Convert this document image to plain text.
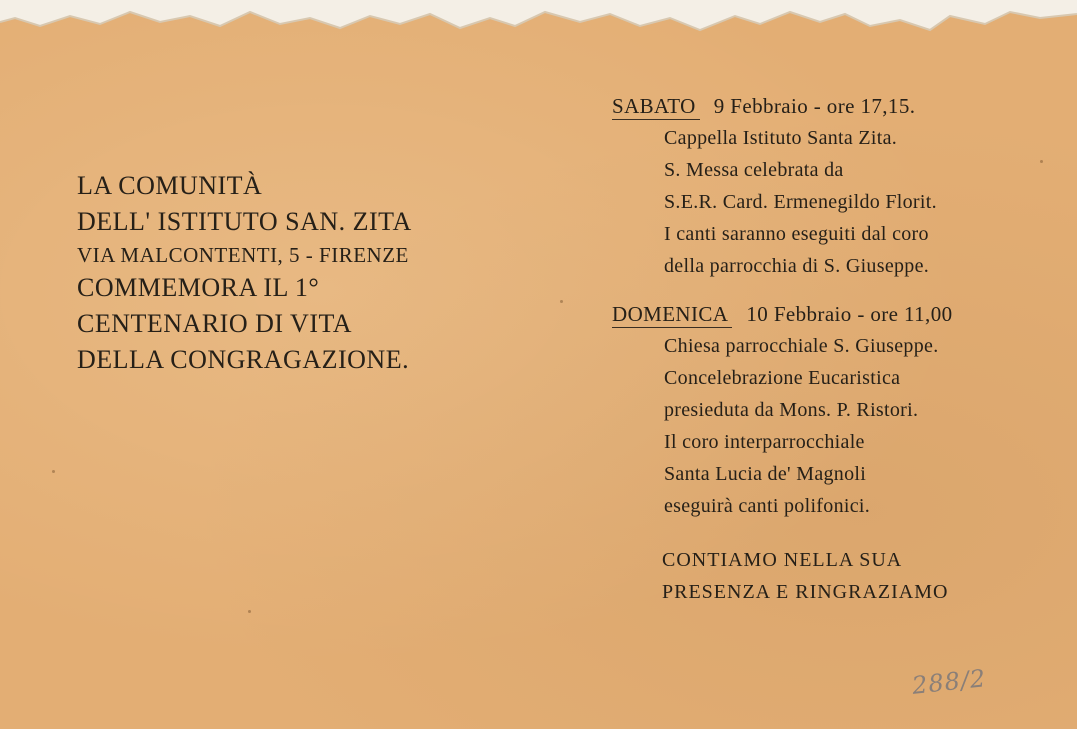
LA COMUNITÀ
DELL' ISTITUTO SAN. ZITA
VIA MALCONTENTI, 5 - FIRENZE
COMMEMORA IL 1°
CENTENARIO DI VITA
DELLA CONGRAGAZIONE.
SABATO 9 Febbraio - ore 17,15.
Cappella Istituto Santa Zita.
S. Messa celebrata da
S.E.R. Card. Ermenegildo Florit.
I canti saranno eseguiti dal coro
della parrocchia di S. Giuseppe.
DOMENICA 10 Febbraio - ore 11,00
Chiesa parrocchiale S. Giuseppe.
Concelebrazione Eucaristica
presieduta da Mons. P. Ristori.
Il coro interparrocchiale
Santa Lucia de' Magnoli
eseguirà canti polifonici.
CONTIAMO NELLA SUA
PRESENZA E RINGRAZIAMO
288/2
